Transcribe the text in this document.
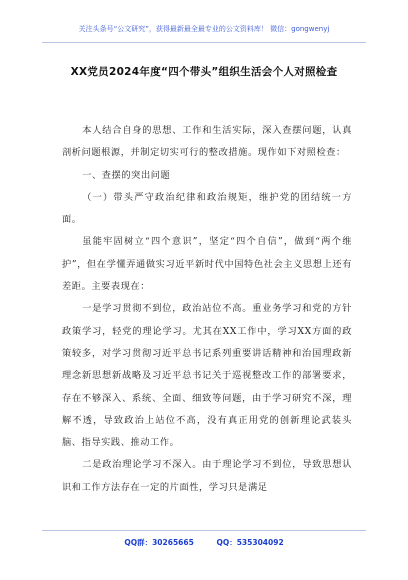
关注头条号“公文研究”，获得最新最全最专业的公文资料库！ 微信：gongwenyj
XX党员2024年度“四个带头”组织生活会个人对照检查

本人结合自身的思想、工作和生活实际，深入查摆问题，认真剖析问题根源，并制定切实可行的整改措施。现作如下对照检查：

一、查摆的突出问题

（一）带头严守政治纪律和政治规矩，维护党的团结统一方面。

虽能牢固树立“四个意识”，坚定“四个自信”，做到“两个维护”，但在学懂弄通做实习近平新时代中国特色社会主义思想上还有差距。主要表现在：

一是学习贯彻不到位，政治站位不高。重业务学习和党的方针政策学习，轻党的理论学习。尤其在XX工作中，学习XX方面的政策较多，对学习贯彻习近平总书记系列重要讲话精神和治国理政新理念新思想新战略及习近平总书记关于巡视整改工作的部署要求，存在不够深入、系统、全面、细致等问题，由于学习研究不深，理解不透，导致政治上站位不高，没有真正用党的创新理论武装头脑、指导实践、推动工作。

二是政治理论学习不深入。由于理论学习不到位，导致思想认识和工作方法存在一定的片面性，学习只是满足

QQ群：30265665	QQ：535304092
